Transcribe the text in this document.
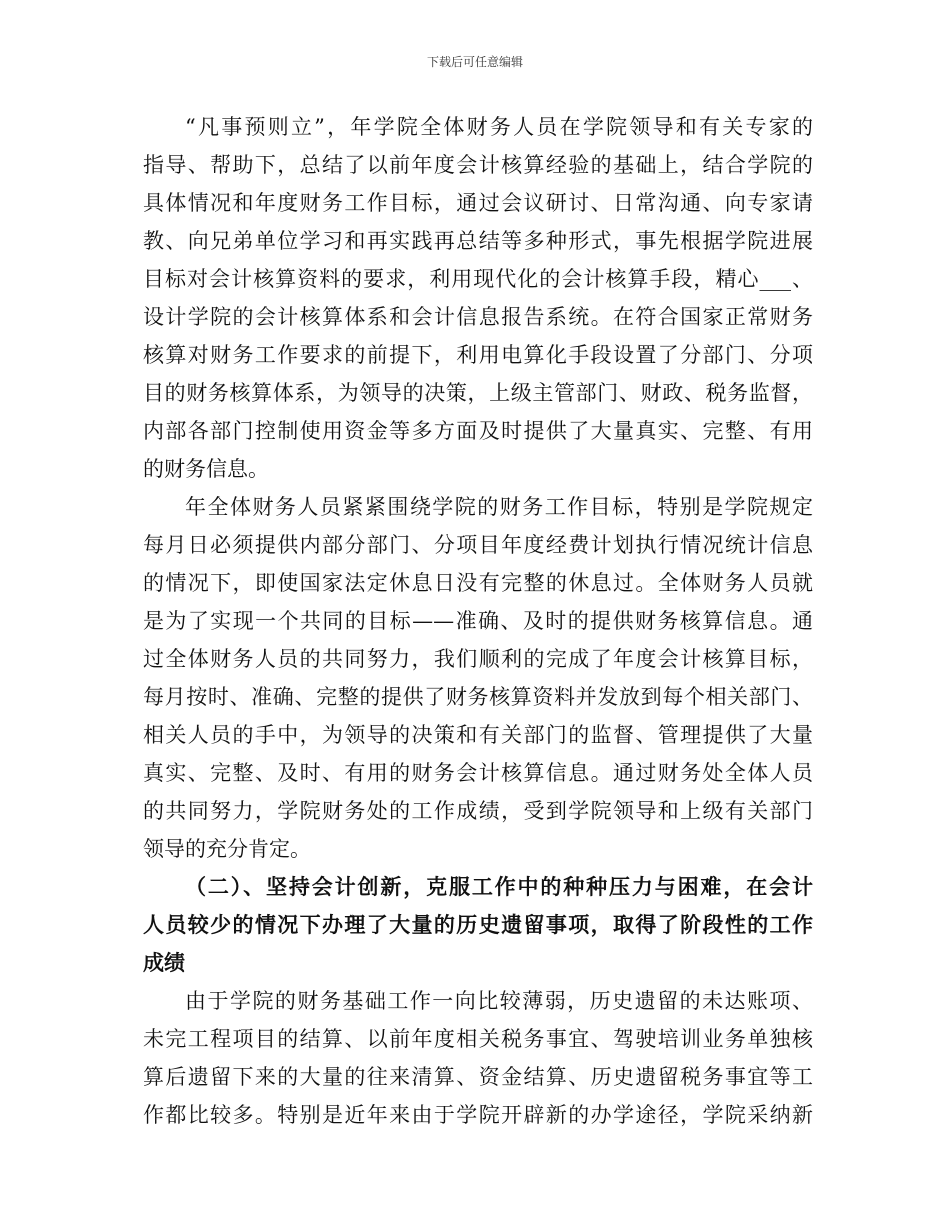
下载后可任意编辑
“凡事预则立”，年学院全体财务人员在学院领导和有关专家的
指导、帮助下，总结了以前年度会计核算经验的基础上，结合学院的
具体情况和年度财务工作目标，通过会议研讨、日常沟通、向专家请
教、向兄弟单位学习和再实践再总结等多种形式，事先根据学院进展
目标对会计核算资料的要求，利用现代化的会计核算手段，精心___、
设计学院的会计核算体系和会计信息报告系统。在符合国家正常财务
核算对财务工作要求的前提下，利用电算化手段设置了分部门、分项
目的财务核算体系，为领导的决策，上级主管部门、财政、税务监督，
内部各部门控制使用资金等多方面及时提供了大量真实、完整、有用
的财务信息。
年全体财务人员紧紧围绕学院的财务工作目标，特别是学院规定
每月日必须提供内部分部门、分项目年度经费计划执行情况统计信息
的情况下，即使国家法定休息日没有完整的休息过。全体财务人员就
是为了实现一个共同的目标——准确、及时的提供财务核算信息。通
过全体财务人员的共同努力，我们顺利的完成了年度会计核算目标，
每月按时、准确、完整的提供了财务核算资料并发放到每个相关部门、
相关人员的手中，为领导的决策和有关部门的监督、管理提供了大量
真实、完整、及时、有用的财务会计核算信息。通过财务处全体人员
的共同努力，学院财务处的工作成绩，受到学院领导和上级有关部门
领导的充分肯定。
（二）、坚持会计创新，克服工作中的种种压力与困难，在会计
人员较少的情况下办理了大量的历史遗留事项，取得了阶段性的工作
成绩
由于学院的财务基础工作一向比较薄弱，历史遗留的未达账项、
未完工程项目的结算、以前年度相关税务事宜、驾驶培训业务单独核
算后遗留下来的大量的往来清算、资金结算、历史遗留税务事宜等工
作都比较多。特别是近年来由于学院开辟新的办学途径，学院采纳新
